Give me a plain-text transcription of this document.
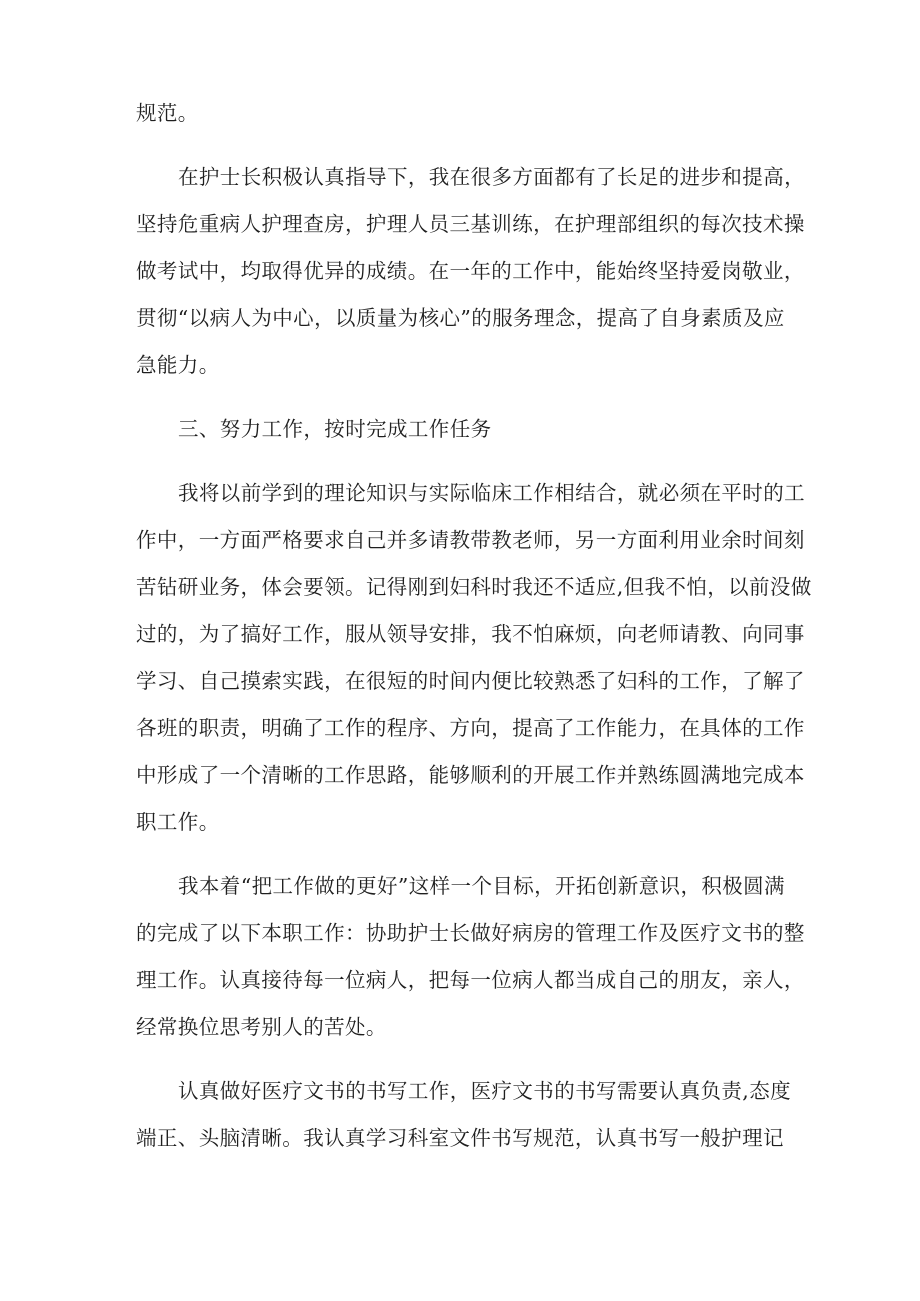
规范。
在护士长积极认真指导下，我在很多方面都有了长足的进步和提高，
坚持危重病人护理查房，护理人员三基训练，在护理部组织的每次技术操
做考试中，均取得优异的成绩。在一年的工作中，能始终坚持爱岗敬业，
贯彻“以病人为中心，以质量为核心”的服务理念，提高了自身素质及应
急能力。
三、努力工作，按时完成工作任务
我将以前学到的理论知识与实际临床工作相结合，就必须在平时的工
作中，一方面严格要求自己并多请教带教老师，另一方面利用业余时间刻
苦钻研业务，体会要领。记得刚到妇科时我还不适应,但我不怕，以前没做
过的，为了搞好工作，服从领导安排，我不怕麻烦，向老师请教、向同事
学习、自己摸索实践，在很短的时间内便比较熟悉了妇科的工作，了解了
各班的职责，明确了工作的程序、方向，提高了工作能力，在具体的工作
中形成了一个清晰的工作思路，能够顺利的开展工作并熟练圆满地完成本
职工作。
我本着“把工作做的更好”这样一个目标，开拓创新意识，积极圆满
的完成了以下本职工作：协助护士长做好病房的管理工作及医疗文书的整
理工作。认真接待每一位病人，把每一位病人都当成自己的朋友，亲人，
经常换位思考别人的苦处。
认真做好医疗文书的书写工作，医疗文书的书写需要认真负责,态度
端正、头脑清晰。我认真学习科室文件书写规范，认真书写一般护理记
